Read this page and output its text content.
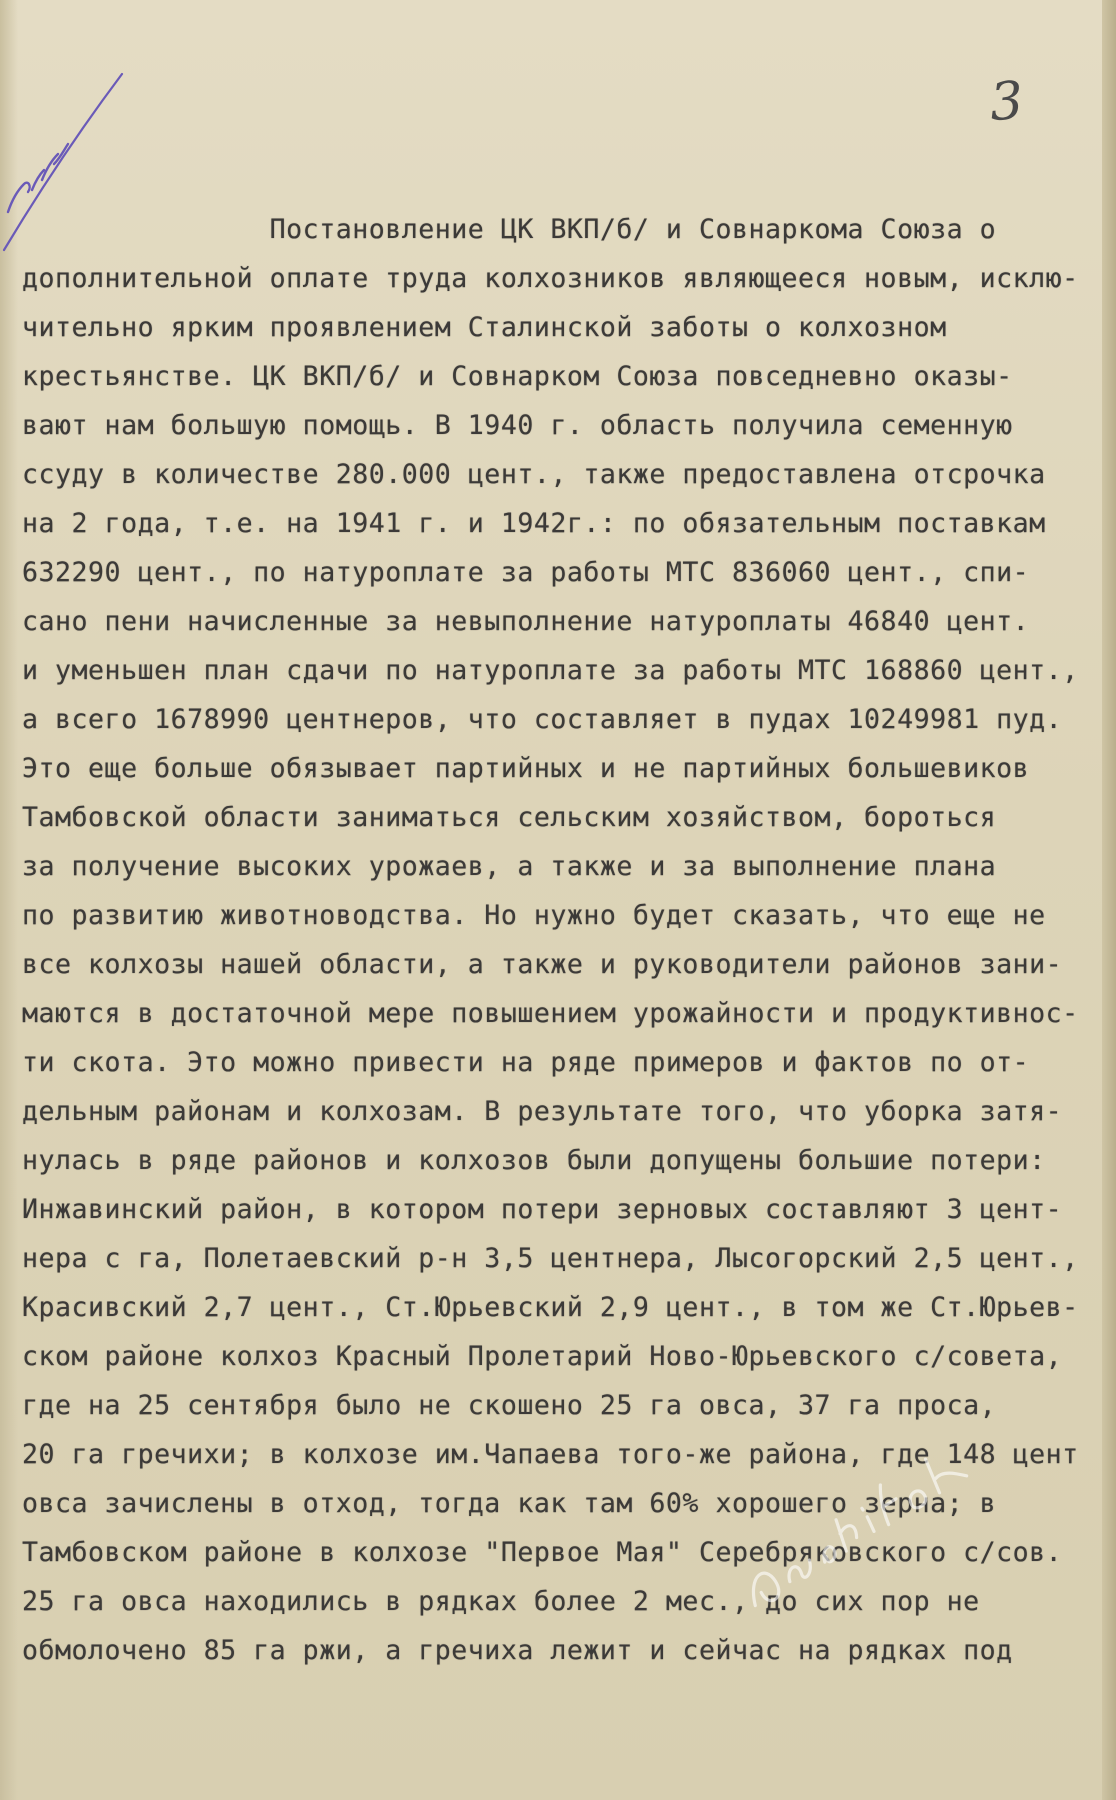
3
Постановление ЦК ВКП/б/ и Совнаркома Союза о
дополнительной оплате труда колхозников являющееся новым, исклю-
чительно ярким проявлением Сталинской заботы о колхозном
крестьянстве. ЦК ВКП/б/ и Совнарком Союза повседневно оказы-
вают нам большую помощь. В 1940 г. область получила семенную
ссуду в количестве 280.000 цент., также предоставлена отсрочка
на 2 года, т.е. на 1941 г. и 1942г.: по обязательным поставкам
632290 цент., по натуроплате за работы МТС 836060 цент., спи-
сано пени начисленные за невыполнение натуроплаты 46840 цент.
и уменьшен план сдачи по натуроплате за работы МТС 168860 цент.,
а всего 1678990 центнеров, что составляет в пудах 10249981 пуд.
Это еще больше обязывает партийных и не партийных большевиков
Тамбовской области заниматься сельским хозяйством, бороться
за получение высоких урожаев, а также и за выполнение плана
по развитию животноводства. Но нужно будет сказать, что еще не
все колхозы нашей области, а также и руководители районов зани-
маются в достаточной мере повышением урожайности и продуктивнос-
ти скота. Это можно привести на ряде примеров и фактов по от-
дельным районам и колхозам. В результате того, что уборка затя-
нулась в ряде районов и колхозов были допущены большие потери:
Инжавинский район, в котором потери зерновых составляют 3 цент-
нера с га, Полетаевский р-н 3,5 центнера, Лысогорский 2,5 цент.,
Красивский 2,7 цент., Ст.Юрьевский 2,9 цент., в том же Ст.Юрьев-
ском районе колхоз Красный Пролетарий Ново-Юрьевского с/совета,
где на 25 сентября было не скошено 25 га овса, 37 га проса,
20 га гречихи; в колхозе им.Чапаева того-же района, где 148 цент
овса зачислены в отход, тогда как там 60% хорошего зерна; в
Тамбовском районе в колхозе "Первое Мая" Серебряковского с/сов.
25 га овса находились в рядках более 2 мес., до сих пор не
обмолочено 85 га ржи, а гречиха лежит и сейчас на рядках под
